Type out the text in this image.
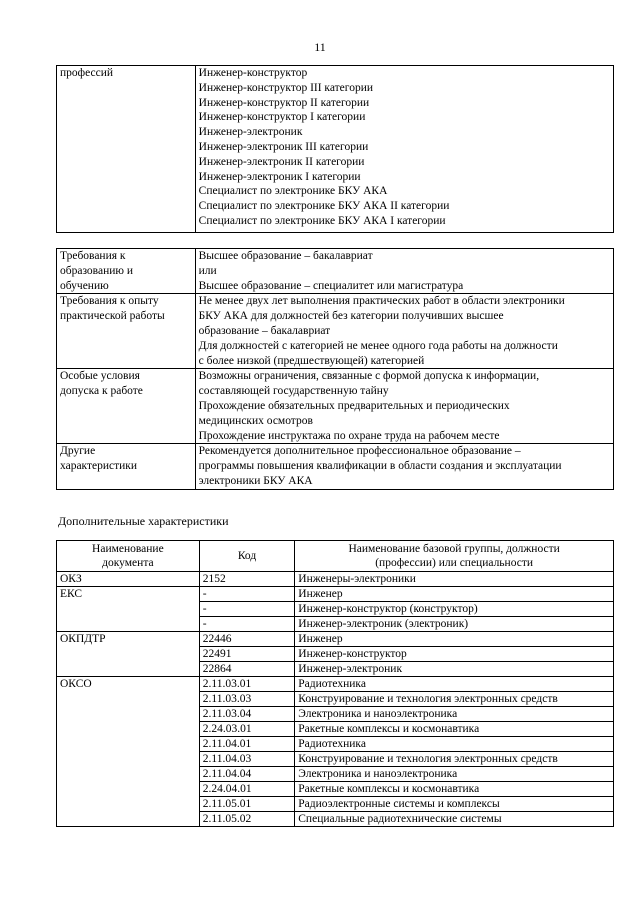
11
профессий	Инженер-конструктор
Инженер-конструктор III категории
Инженер-конструктор II категории
Инженер-конструктор I категории
Инженер-электроник
Инженер-электроник III категории
Инженер-электроник II категории
Инженер-электроник I категории
Специалист по электронике БКУ АКА
Специалист по электронике БКУ АКА II категории
Специалист по электронике БКУ АКА I категории
Требования к
образованию и
обучению	Высшее образование – бакалавриат
или
Высшее образование – специалитет или магистратура

Требования к опыту
практической работы	Не менее двух лет выполнения практических работ в области электроники
БКУ АКА для должностей без категории получивших высшее
образование – бакалавриат
Для должностей с категорией не менее одного года работы на должности
с более низкой (предшествующей) категорией

Особые условия
допуска к работе	Возможны ограничения, связанные с формой допуска к информации,
составляющей государственную тайну
Прохождение обязательных предварительных и периодических
медицинских осмотров
Прохождение инструктажа по охране труда на рабочем месте

Другие
характеристики	Рекомендуется дополнительное профессиональное образование –
программы повышения квалификации в области создания и эксплуатации
электроники БКУ АКА
Дополнительные характеристики
Наименование
документа	Код	Наименование базовой группы, должности
(профессии) или специальности

ОКЗ	2152	Инженеры-электроники
ЕКС	-	Инженер
	-	Инженер-конструктор (конструктор)
	-	Инженер-электроник (электроник)
ОКПДТР	22446	Инженер
	22491	Инженер-конструктор
	22864	Инженер-электроник
ОКСО	2.11.03.01	Радиотехника
	2.11.03.03	Конструирование и технология электронных средств
	2.11.03.04	Электроника и наноэлектроника
	2.24.03.01	Ракетные комплексы и космонавтика
	2.11.04.01	Радиотехника
	2.11.04.03	Конструирование и технология электронных средств
	2.11.04.04	Электроника и наноэлектроника
	2.24.04.01	Ракетные комплексы и космонавтика
	2.11.05.01	Радиоэлектронные системы и комплексы
	2.11.05.02	Специальные радиотехнические системы
